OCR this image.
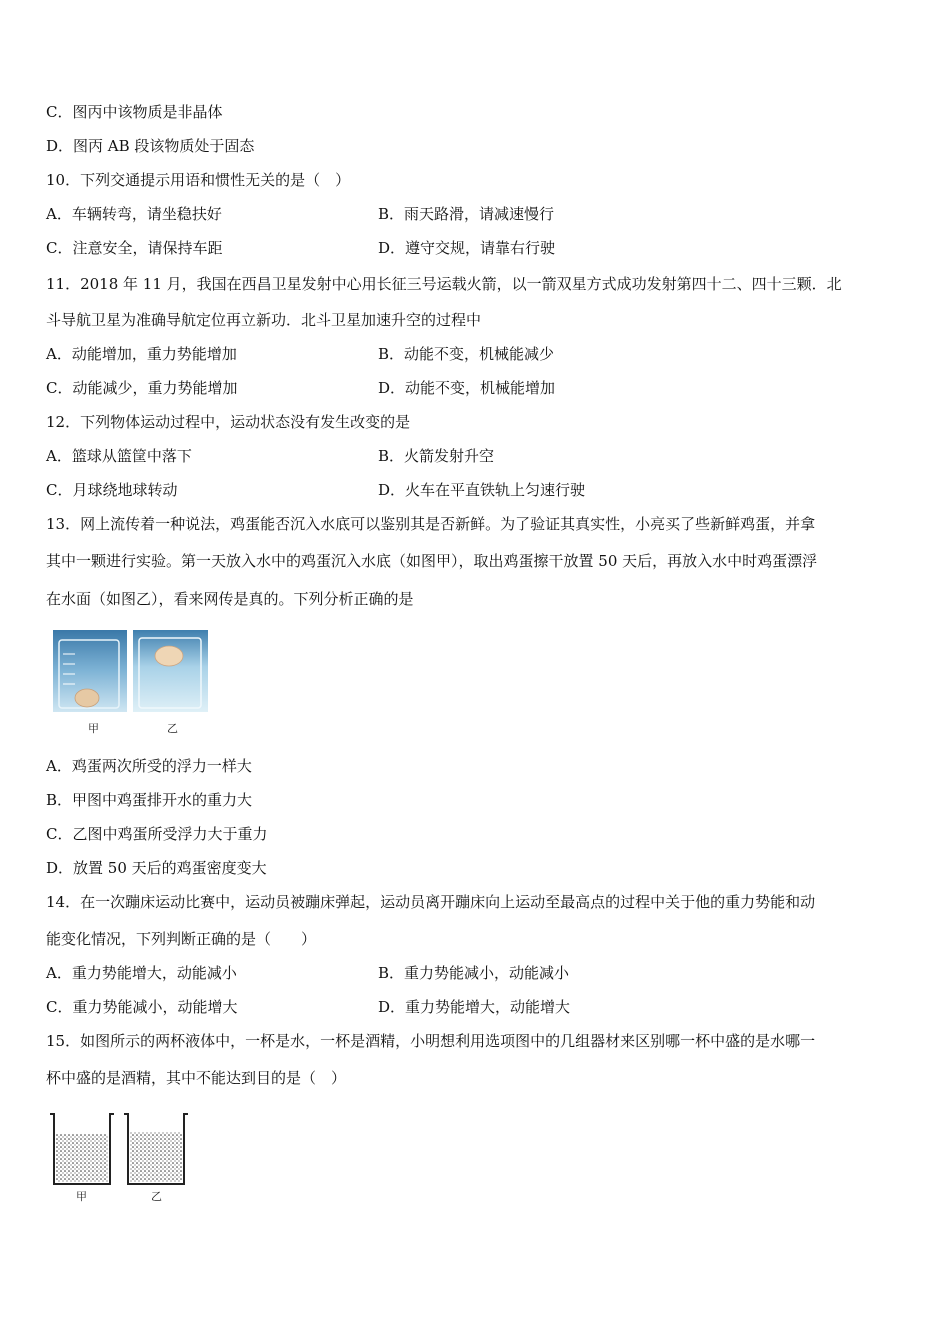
C．图丙中该物质是非晶体
D．图丙 AB 段该物质处于固态
10．下列交通提示用语和惯性无关的是（　）
A．车辆转弯，请坐稳扶好	B．雨天路滑，请减速慢行
C．注意安全，请保持车距	D．遵守交规，请靠右行驶
11．2018 年 11 月，我国在西昌卫星发射中心用长征三号运载火箭，以一箭双星方式成功发射第四十二、四十三颗．北
斗导航卫星为准确导航定位再立新功．北斗卫星加速升空的过程中
A．动能增加，重力势能增加	B．动能不变，机械能减少
C．动能减少，重力势能增加	D．动能不变，机械能增加
12．下列物体运动过程中，运动状态没有发生改变的是
A．篮球从篮筐中落下	B．火箭发射升空
C．月球绕地球转动	D．火车在平直铁轨上匀速行驶
13．网上流传着一种说法，鸡蛋能否沉入水底可以鉴别其是否新鲜。为了验证其真实性，小亮买了些新鲜鸡蛋，并拿
其中一颗进行实验。第一天放入水中的鸡蛋沉入水底（如图甲），取出鸡蛋擦干放置 50 天后，再放入水中时鸡蛋漂浮
在水面（如图乙），看来网传是真的。下列分析正确的是
甲	乙
A．鸡蛋两次所受的浮力一样大
B．甲图中鸡蛋排开水的重力大
C．乙图中鸡蛋所受浮力大于重力
D．放置 50 天后的鸡蛋密度变大
14．在一次蹦床运动比赛中，运动员被蹦床弹起，运动员离开蹦床向上运动至最高点的过程中关于他的重力势能和动
能变化情况，下列判断正确的是（　　）
A．重力势能增大，动能减小	B．重力势能减小，动能减小
C．重力势能减小，动能增大	D．重力势能增大，动能增大
15．如图所示的两杯液体中，一杯是水，一杯是酒精，小明想利用选项图中的几组器材来区别哪一杯中盛的是水哪一
杯中盛的是酒精，其中不能达到目的是（　）
甲	乙
